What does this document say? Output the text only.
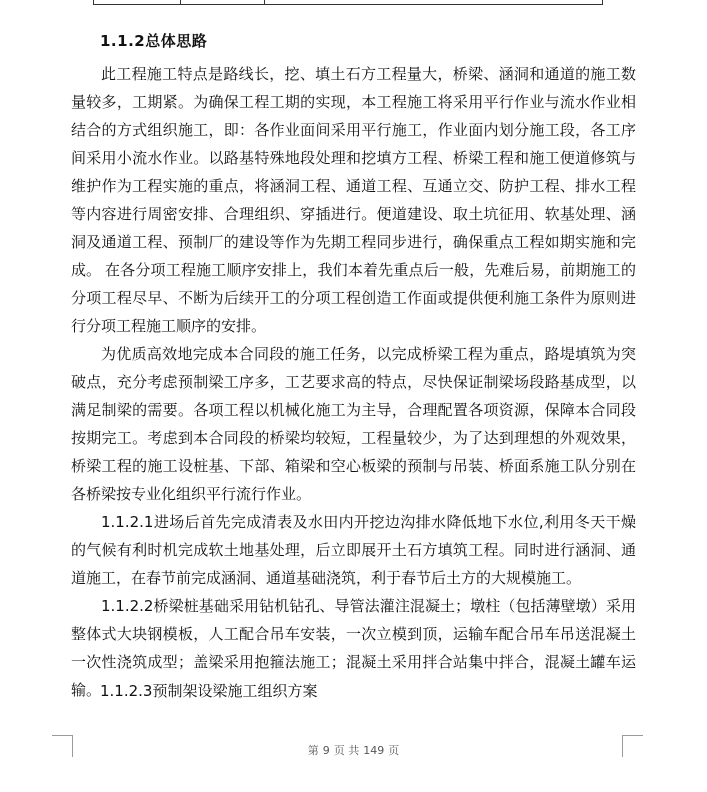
1.1.2总体思路

此工程施工特点是路线长，挖、填土石方工程量大，桥梁、涵洞和通道的施工数量较多，工期紧。为确保工程工期的实现，本工程施工将采用平行作业与流水作业相结合的方式组织施工，即：各作业面间采用平行施工，作业面内划分施工段，各工序间采用小流水作业。以路基特殊地段处理和挖填方工程、桥梁工程和施工便道修筑与维护作为工程实施的重点，将涵洞工程、通道工程、互通立交、防护工程、排水工程等内容进行周密安排、合理组织、穿插进行。便道建设、取土坑征用、软基处理、涵洞及通道工程、预制厂的建设等作为先期工程同步进行，确保重点工程如期实施和完成。 在各分项工程施工顺序安排上，我们本着先重点后一般，先难后易，前期施工的分项工程尽早、不断为后续开工的分项工程创造工作面或提供便利施工条件为原则进行分项工程施工顺序的安排。

为优质高效地完成本合同段的施工任务，以完成桥梁工程为重点，路堤填筑为突破点，充分考虑预制梁工序多，工艺要求高的特点，尽快保证制梁场段路基成型，以满足制梁的需要。各项工程以机械化施工为主导，合理配置各项资源，保障本合同段按期完工。考虑到本合同段的桥梁均较短，工程量较少，为了达到理想的外观效果，桥梁工程的施工设桩基、下部、箱梁和空心板梁的预制与吊装、桥面系施工队分别在各桥梁按专业化组织平行流行作业。

1.1.2.1进场后首先完成清表及水田内开挖边沟排水降低地下水位,利用冬天干燥的气候有利时机完成软土地基处理，后立即展开土石方填筑工程。同时进行涵洞、通道施工，在春节前完成涵洞、通道基础浇筑，利于春节后土方的大规模施工。

1.1.2.2桥梁桩基础采用钻机钻孔、导管法灌注混凝土；墩柱（包括薄壁墩）采用整体式大块钢模板，人工配合吊车安装，一次立模到顶，运输车配合吊车吊送混凝土一次性浇筑成型；盖梁采用抱箍法施工；混凝土采用拌合站集中拌合，混凝土罐车运输。

1.1.2.3预制架设梁施工组织方案
第 9 页 共 149 页
